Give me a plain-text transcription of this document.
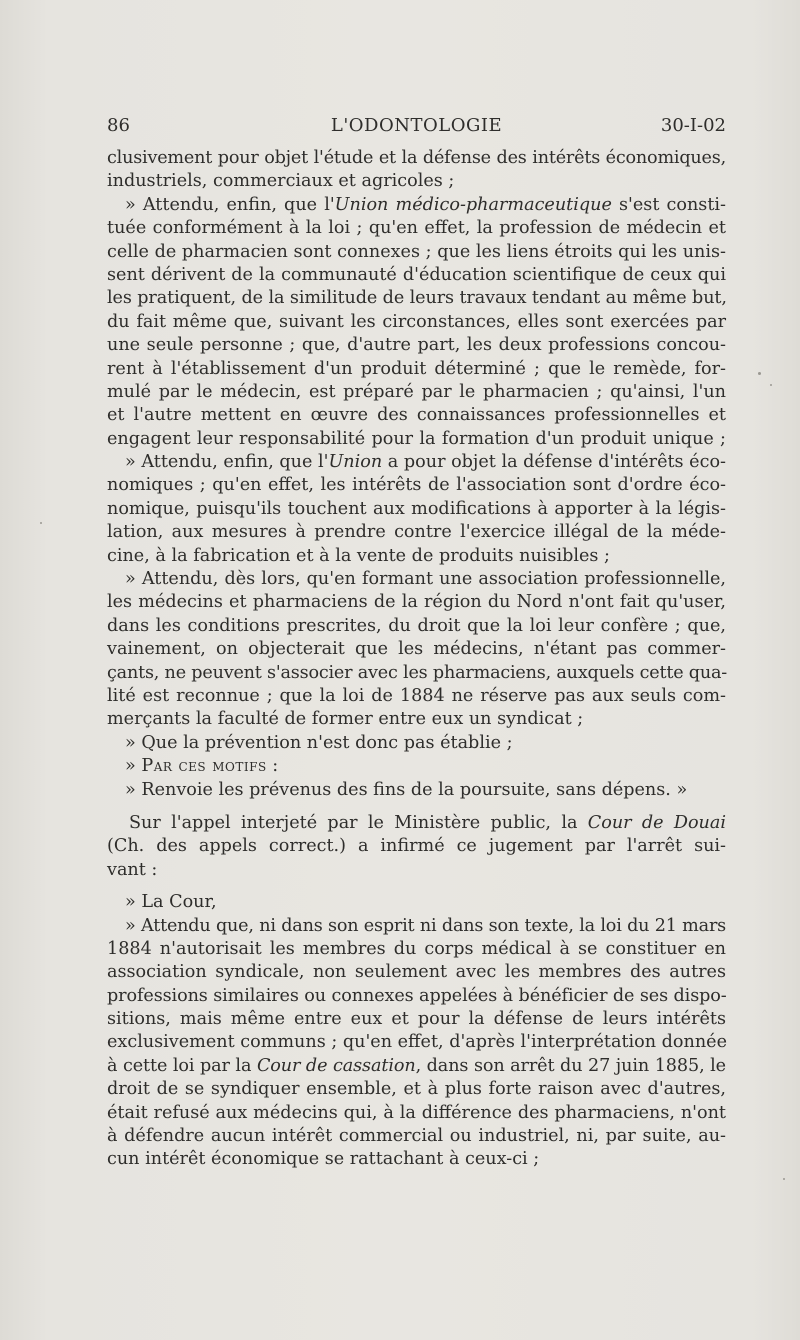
86	L'ODONTOLOGIE	30-I-02
clusivement pour objet l'étude et la défense des intérêts économiques,
industriels, commerciaux et agricoles ;
» Attendu, enfin, que l'Union médico-pharmaceutique s'est consti-
tuée conformément à la loi ; qu'en effet, la profession de médecin et
celle de pharmacien sont connexes ; que les liens étroits qui les unis-
sent dérivent de la communauté d'éducation scientifique de ceux qui
les pratiquent, de la similitude de leurs travaux tendant au même but,
du fait même que, suivant les circonstances, elles sont exercées par
une seule personne ; que, d'autre part, les deux professions concou-
rent à l'établissement d'un produit déterminé ; que le remède, for-
mulé par le médecin, est préparé par le pharmacien ; qu'ainsi, l'un
et l'autre mettent en œuvre des connaissances professionnelles et
engagent leur responsabilité pour la formation d'un produit unique ;
» Attendu, enfin, que l'Union a pour objet la défense d'intérêts éco-
nomiques ; qu'en effet, les intérêts de l'association sont d'ordre éco-
nomique, puisqu'ils touchent aux modifications à apporter à la légis-
lation, aux mesures à prendre contre l'exercice illégal de la méde-
cine, à la fabrication et à la vente de produits nuisibles ;
» Attendu, dès lors, qu'en formant une association professionnelle,
les médecins et pharmaciens de la région du Nord n'ont fait qu'user,
dans les conditions prescrites, du droit que la loi leur confère ; que,
vainement, on objecterait que les médecins, n'étant pas commer-
çants, ne peuvent s'associer avec les pharmaciens, auxquels cette qua-
lité est reconnue ; que la loi de 1884 ne réserve pas aux seuls com-
merçants la faculté de former entre eux un syndicat ;
» Que la prévention n'est donc pas établie ;
» Par ces motifs :
» Renvoie les prévenus des fins de la poursuite, sans dépens. »
Sur l'appel interjeté par le Ministère public, la Cour de Douai
(Ch. des appels correct.) a infirmé ce jugement par l'arrêt sui-
vant :
» La Cour,
» Attendu que, ni dans son esprit ni dans son texte, la loi du 21 mars
1884 n'autorisait les membres du corps médical à se constituer en
association syndicale, non seulement avec les membres des autres
professions similaires ou connexes appelées à bénéficier de ses dispo-
sitions, mais même entre eux et pour la défense de leurs intérêts
exclusivement communs ; qu'en effet, d'après l'interprétation donnée
à cette loi par la Cour de cassation, dans son arrêt du 27 juin 1885, le
droit de se syndiquer ensemble, et à plus forte raison avec d'autres,
était refusé aux médecins qui, à la différence des pharmaciens, n'ont
à défendre aucun intérêt commercial ou industriel, ni, par suite, au-
cun intérêt économique se rattachant à ceux-ci ;
